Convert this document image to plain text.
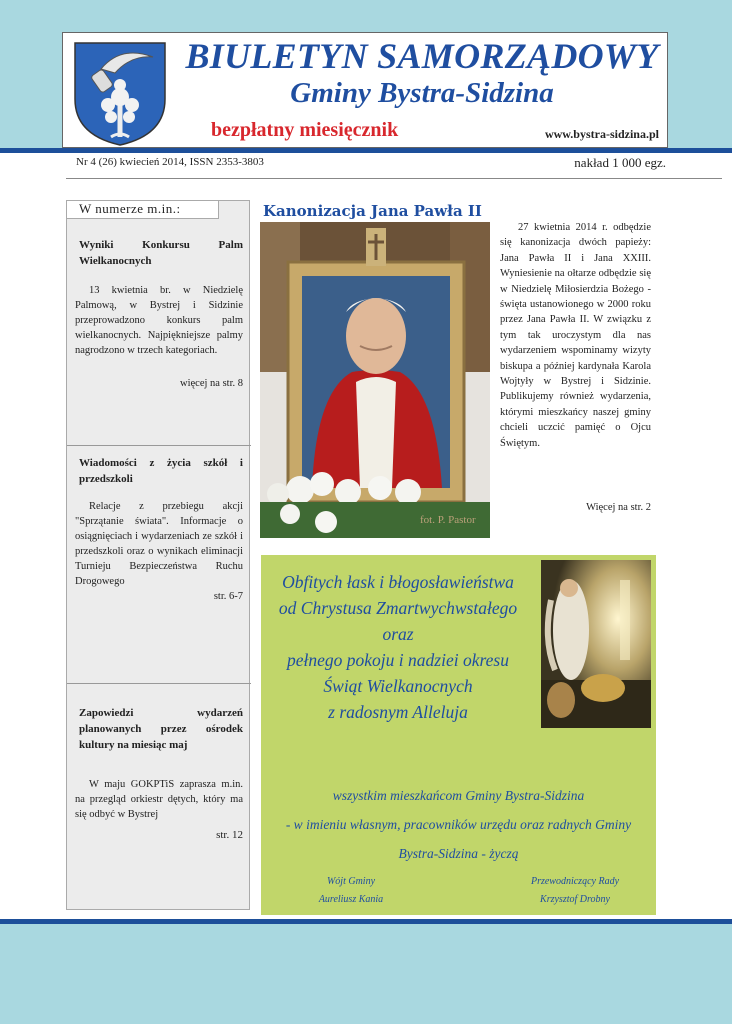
BIULETYN SAMORZĄDOWY
Gminy Bystra-Sidzina
bezpłatny miesięcznik	www.bystra-sidzina.pl
Nr 4 (26) kwiecień 2014, ISSN 2353-3803	nakład 1 000 egz.
W numerze m.in.:
Wyniki Konkursu Palm Wielkanocnych

13 kwietnia br. w Niedzielę Palmową, w Bystrej i Sidzinie przeprowadzono konkurs palm wielkanocnych. Najpiękniejsze palmy nagrodzono w trzech kategoriach.

więcej na str. 8

Wiadomości z życia szkół i przedszkoli

Relacje z przebiegu akcji "Sprzątanie świata". Informacje o osiągnięciach i wydarzeniach ze szkół i przedszkoli oraz o wynikach eliminacji Turnieju Bezpieczeństwa Ruchu Drogowego

str. 6-7

Zapowiedzi wydarzeń planowanych przez ośrodek kultury na miesiąc maj

W maju GOKPTiS zaprasza m.in. na przegląd orkiestr dętych, który ma się odbyć w Bystrej

str. 12

Kanonizacja Jana Pawła II
fot. P. Pastor

27 kwietnia 2014 r. odbędzie się kanonizacja dwóch papieży: Jana Pawła II i Jana XXIII. Wyniesienie na ołtarze odbędzie się w Niedzielę Miłosierdzia Bożego - święta ustanowionego w 2000 roku przez Jana Pawła II. W związku z tym tak uroczystym dla nas wydarzeniem wspominamy wizyty biskupa a później kardynała Karola Wojtyły w Bystrej i Sidzinie. Publikujemy również wydarzenia, którymi mieszkańcy naszej gminy chcieli uczcić pamięć o Ojcu Świętym.

Więcej na str. 2
Obfitych łask i błogosławieństwa
od Chrystusa Zmartwychwstałego
oraz
pełnego pokoju i nadziei okresu
Świąt Wielkanocnych
z radosnym Alleluja
wszystkim mieszkańcom Gminy Bystra-Sidzina
- w imieniu własnym, pracowników urzędu oraz radnych Gminy
Bystra-Sidzina - życzą
Wójt Gminy
Aureliusz Kania
Przewodniczący Rady
Krzysztof Drobny
